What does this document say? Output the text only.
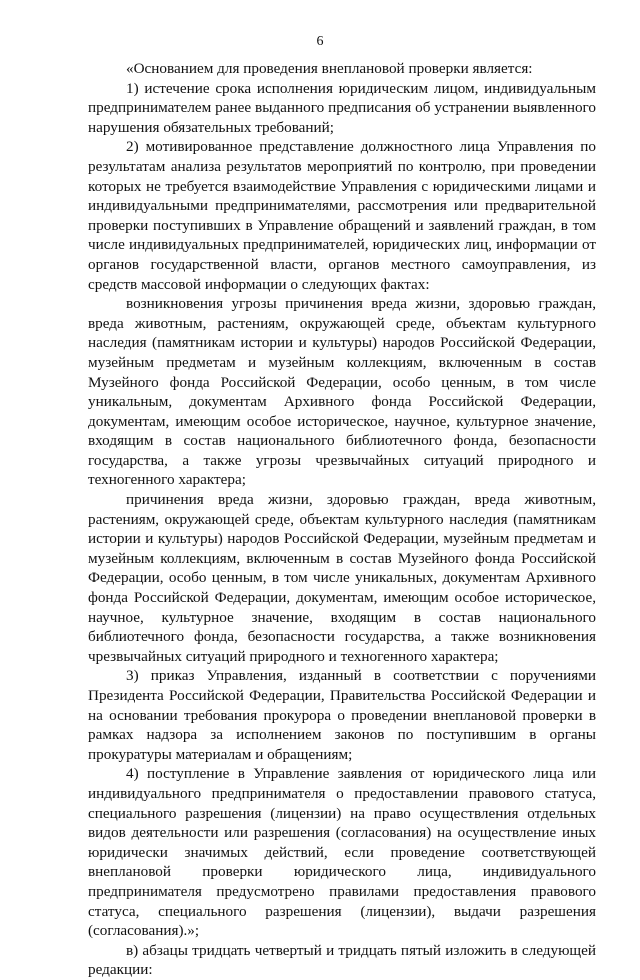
6

«Основанием для проведения внеплановой проверки является:

1) истечение срока исполнения юридическим лицом, индивидуальным предпринимателем ранее выданного предписания об устранении выявленного нарушения обязательных требований;

2) мотивированное представление должностного лица Управления по результатам анализа результатов мероприятий по контролю, при проведении которых не требуется взаимодействие Управления с юридическими лицами и индивидуальными предпринимателями, рассмотрения или предварительной проверки поступивших в Управление обращений и заявлений граждан, в том числе индивидуальных предпринимателей, юридических лиц, информации от органов государственной власти, органов местного самоуправления, из средств массовой информации о следующих фактах:

возникновения угрозы причинения вреда жизни, здоровью граждан, вреда животным, растениям, окружающей среде, объектам культурного наследия (памятникам истории и культуры) народов Российской Федерации, музейным предметам и музейным коллекциям, включенным в состав Музейного фонда Российской Федерации, особо ценным, в том числе уникальным, документам Архивного фонда Российской Федерации, документам, имеющим особое историческое, научное, культурное значение, входящим в состав национального библиотечного фонда, безопасности государства, а также угрозы чрезвычайных ситуаций природного и техногенного характера;

причинения вреда жизни, здоровью граждан, вреда животным, растениям, окружающей среде, объектам культурного наследия (памятникам истории и культуры) народов Российской Федерации, музейным предметам и музейным коллекциям, включенным в состав Музейного фонда Российской Федерации, особо ценным, в том числе уникальных, документам Архивного фонда Российской Федерации, документам, имеющим особое историческое, научное, культурное значение, входящим в состав национального библиотечного фонда, безопасности государства, а также возникновения чрезвычайных ситуаций природного и техногенного характера;

3) приказ Управления, изданный в соответствии с поручениями Президента Российской Федерации, Правительства Российской Федерации и на основании требования прокурора о проведении внеплановой проверки в рамках надзора за исполнением законов по поступившим в органы прокуратуры материалам и обращениям;

4) поступление в Управление заявления от юридического лица или индивидуального предпринимателя о предоставлении правового статуса, специального разрешения (лицензии) на право осуществления отдельных видов деятельности или разрешения (согласования) на осуществление иных юридически значимых действий, если проведение соответствующей внеплановой проверки юридического лица, индивидуального предпринимателя предусмотрено правилами предоставления правового статуса, специального разрешения (лицензии), выдачи разрешения (согласования).»;

в) абзацы тридцать четвертый и тридцать пятый изложить в следующей редакции:
